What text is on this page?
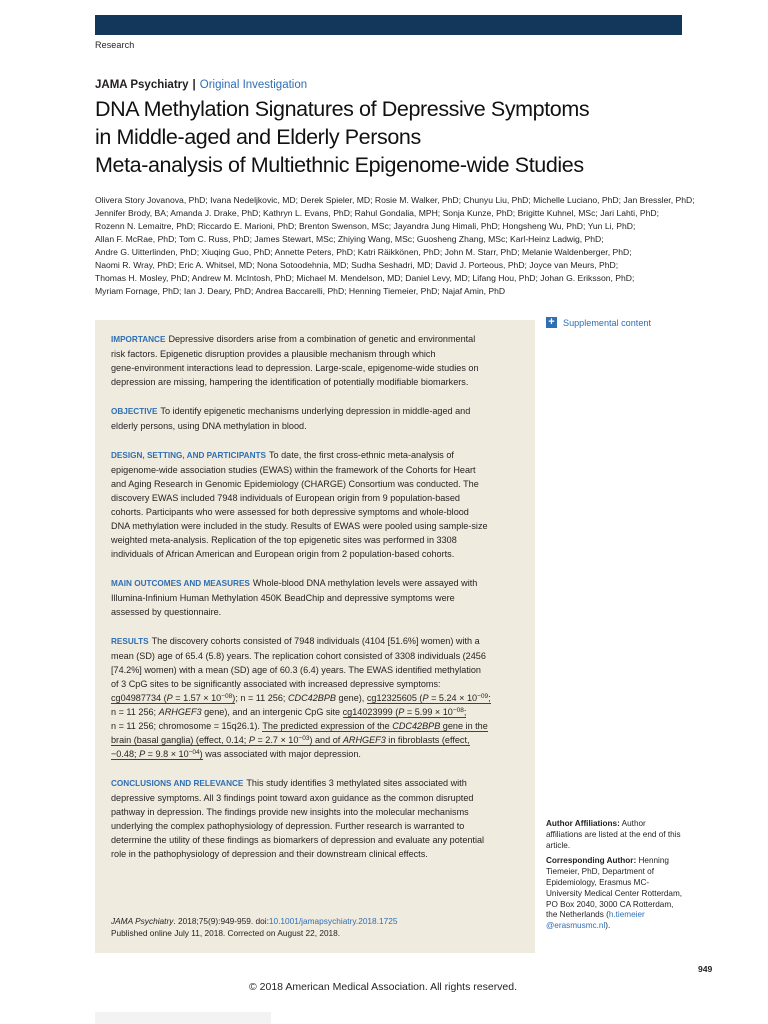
Research
JAMA Psychiatry | Original Investigation
DNA Methylation Signatures of Depressive Symptoms
in Middle-aged and Elderly Persons
Meta-analysis of Multiethnic Epigenome-wide Studies
Olivera Story Jovanova, PhD; Ivana Nedeljkovic, MD; Derek Spieler, MD; Rosie M. Walker, PhD; Chunyu Liu, PhD; Michelle Luciano, PhD; Jan Bressler, PhD;
Jennifer Brody, BA; Amanda J. Drake, PhD; Kathryn L. Evans, PhD; Rahul Gondalia, MPH; Sonja Kunze, PhD; Brigitte Kuhnel, MSc; Jari Lahti, PhD;
Rozenn N. Lemaitre, PhD; Riccardo E. Marioni, PhD; Brenton Swenson, MSc; Jayandra Jung Himali, PhD; Hongsheng Wu, PhD; Yun Li, PhD;
Allan F. McRae, PhD; Tom C. Russ, PhD; James Stewart, MSc; Zhiying Wang, MSc; Guosheng Zhang, MSc; Karl-Heinz Ladwig, PhD;
Andre G. Uitterlinden, PhD; Xiuqing Guo, PhD; Annette Peters, PhD; Katri Räikkönen, PhD; John M. Starr, PhD; Melanie Waldenberger, PhD;
Naomi R. Wray, PhD; Eric A. Whitsel, MD; Nona Sotoodehnia, MD; Sudha Seshadri, MD; David J. Porteous, PhD; Joyce van Meurs, PhD;
Thomas H. Mosley, PhD; Andrew M. McIntosh, PhD; Michael M. Mendelson, MD; Daniel Levy, MD; Lifang Hou, PhD; Johan G. Eriksson, PhD;
Myriam Fornage, PhD; Ian J. Deary, PhD; Andrea Baccarelli, PhD; Henning Tiemeier, PhD; Najaf Amin, PhD

IMPORTANCE Depressive disorders arise from a combination of genetic and environmental
risk factors. Epigenetic disruption provides a plausible mechanism through which
gene-environment interactions lead to depression. Large-scale, epigenome-wide studies on
depression are missing, hampering the identification of potentially modifiable biomarkers.

OBJECTIVE To identify epigenetic mechanisms underlying depression in middle-aged and
elderly persons, using DNA methylation in blood.

DESIGN, SETTING, AND PARTICIPANTS To date, the first cross-ethnic meta-analysis of
epigenome-wide association studies (EWAS) within the framework of the Cohorts for Heart
and Aging Research in Genomic Epidemiology (CHARGE) Consortium was conducted. The
discovery EWAS included 7948 individuals of European origin from 9 population-based
cohorts. Participants who were assessed for both depressive symptoms and whole-blood
DNA methylation were included in the study. Results of EWAS were pooled using sample-size
weighted meta-analysis. Replication of the top epigenetic sites was performed in 3308
individuals of African American and European origin from 2 population-based cohorts.

MAIN OUTCOMES AND MEASURES Whole-blood DNA methylation levels were assayed with
Illumina-Infinium Human Methylation 450K BeadChip and depressive symptoms were
assessed by questionnaire.

RESULTS The discovery cohorts consisted of 7948 individuals (4104 [51.6%] women) with a
mean (SD) age of 65.4 (5.8) years. The replication cohort consisted of 3308 individuals (2456
[74.2%] women) with a mean (SD) age of 60.3 (6.4) years. The EWAS identified methylation
of 3 CpG sites to be significantly associated with increased depressive symptoms:
cg04987734 $(P = 1.57 \times 10^{-08})$; n = 11 256; CDC42BPB gene), cg12325605 ($P = 5.24 \times 10^{-09}$;
n = 11 256; ARHGEF3 gene), and an intergenic CpG site cg14023999 ($P = 5.99 \times 10^{-08}$;
n = 11 256; chromosome = 15q26.1). The predicted expression of the CDC42BPB gene in the
brain (basal ganglia) (effect, 0.14; $P = 2.7 \times 10^{-03}$) and of ARHGEF3 in fibroblasts (effect,
−0.48; $P = 9.8 \times 10^{-04}$) was associated with major depression.

CONCLUSIONS AND RELEVANCE This study identifies 3 methylated sites associated with
depressive symptoms. All 3 findings point toward axon guidance as the common disrupted
pathway in depression. The findings provide new insights into the molecular mechanisms
underlying the complex pathophysiology of depression. Further research is warranted to
determine the utility of these findings as biomarkers of depression and evaluate any potential
role in the pathophysiology of depression and their downstream clinical effects.

JAMA Psychiatry. 2018;75(9):949-959. doi:10.1001/jamapsychiatry.2018.1725
Published online July 11, 2018. Corrected on August 22, 2018.
+ Supplemental content
Author Affiliations: Author
affiliations are listed at the end of this
article.
Corresponding Author: Henning
Tiemeier, PhD, Department of
Epidemiology, Erasmus MC-
University Medical Center Rotterdam,
PO Box 2040, 3000 CA Rotterdam,
the Netherlands (h.tiemeier
@erasmusmc.nl).
949
© 2018 American Medical Association. All rights reserved.
